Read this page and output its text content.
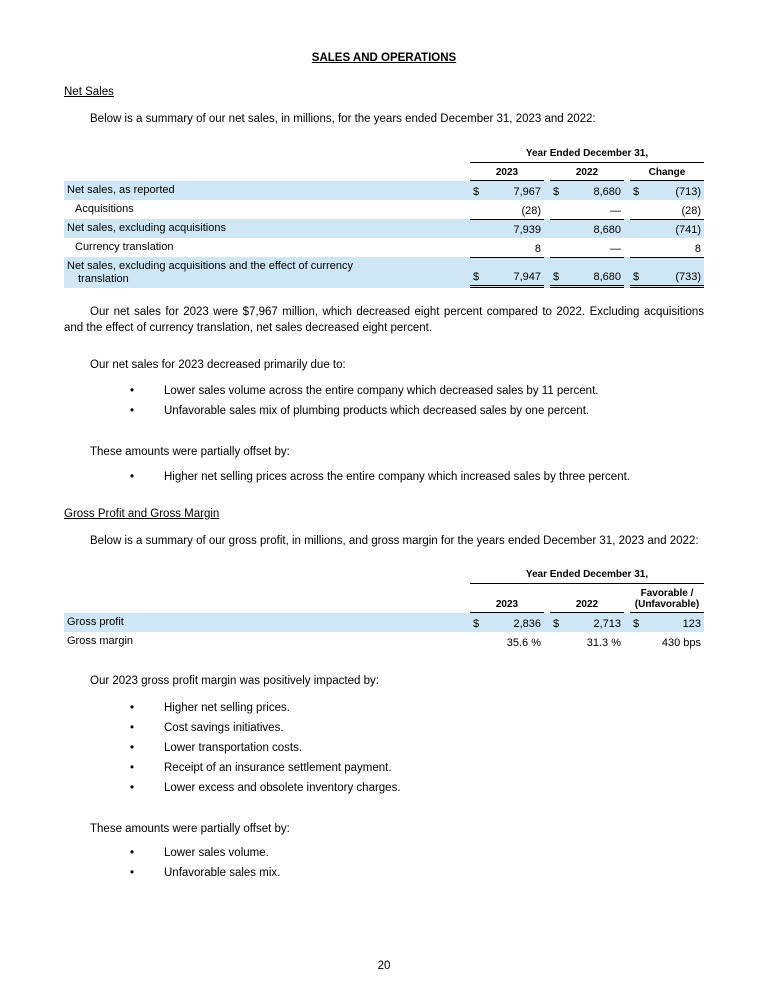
SALES AND OPERATIONS
Net Sales

Below is a summary of our net sales, in millions, for the years ended December 31, 2023 and 2022:

Year Ended December 31,
2023	2022	Change
Net sales, as reported	$	7,967 $	8,680 $	(713)
Acquisitions	(28)	—	(28)
Net sales, excluding acquisitions	7,939	8,680	(741)
Currency translation	8	—	8
Net sales, excluding acquisitions and the effect of currency
translation	$	7,947 $	8,680 $	(733)

Our net sales for 2023 were $7,967 million, which decreased eight percent compared to 2022. Excluding acquisitions and the effect of currency translation, net sales decreased eight percent.

Our net sales for 2023 decreased primarily due to:

•	Lower sales volume across the entire company which decreased sales by 11 percent.
•	Unfavorable sales mix of plumbing products which decreased sales by one percent.

These amounts were partially offset by:

•	Higher net selling prices across the entire company which increased sales by three percent.
Gross Profit and Gross Margin

Below is a summary of our gross profit, in millions, and gross margin for the years ended December 31, 2023 and 2022:

Year Ended December 31,
2023	2022
Favorable /
(Unfavorable)
Gross profit	$	2,836 $	2,713 $	123
Gross margin	35.6 %	31.3 %	430 bps

Our 2023 gross profit margin was positively impacted by:

•	Higher net selling prices.
•	Cost savings initiatives.
•	Lower transportation costs.
•	Receipt of an insurance settlement payment.
•	Lower excess and obsolete inventory charges.

These amounts were partially offset by:

•	Lower sales volume.
•	Unfavorable sales mix.
20
